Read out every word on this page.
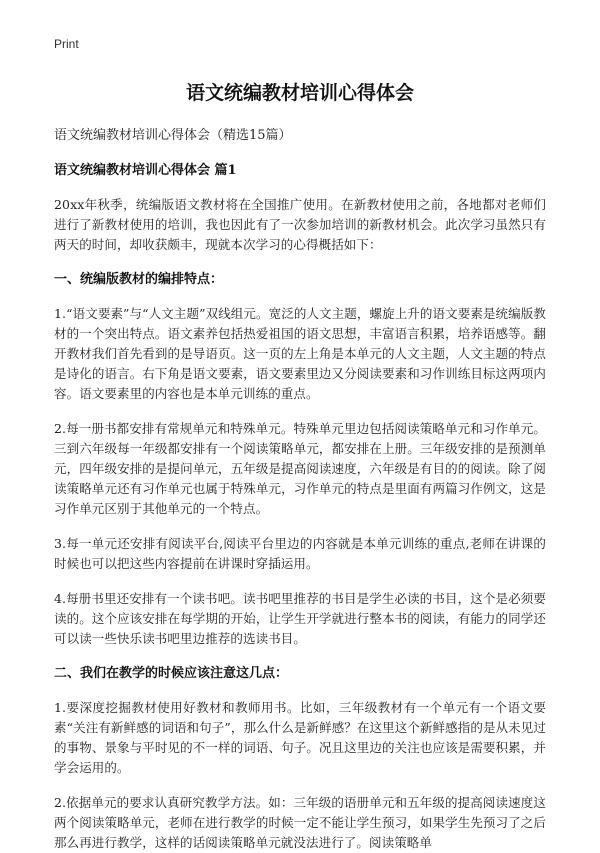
Print
语文统编教材培训心得体会
语文统编教材培训心得体会（精选15篇）
语文统编教材培训心得体会 篇1
20xx年秋季，统编版语文教材将在全国推广使用。在新教材使用之前，各地都对老师们进行了新教材使用的培训，我也因此有了一次参加培训的新教材机会。此次学习虽然只有两天的时间，却收获颇丰，现就本次学习的心得概括如下：
一、统编版教材的编排特点：
1.“语文要素”与“人文主题”双线组元。宽泛的人文主题，螺旋上升的语文要素是统编版教材的一个突出特点。语文素养包括热爱祖国的语文思想，丰富语言积累，培养语感等。翻开教材我们首先看到的是导语页。这一页的左上角是本单元的人文主题，人文主题的特点是诗化的语言。右下角是语文要素，语文要素里边又分阅读要素和习作训练目标这两项内容。语文要素里的内容也是本单元训练的重点。
2.每一册书都安排有常规单元和特殊单元。特殊单元里边包括阅读策略单元和习作单元。三到六年级每一年级都安排有一个阅读策略单元，都安排在上册。三年级安排的是预测单元，四年级安排的是提问单元，五年级是提高阅读速度，六年级是有目的的阅读。除了阅读策略单元还有习作单元也属于特殊单元，习作单元的特点是里面有两篇习作例文，这是习作单元区别于其他单元的一个特点。
3.每一单元还安排有阅读平台,阅读平台里边的内容就是本单元训练的重点,老师在讲课的时候也可以把这些内容提前在讲课时穿插运用。
4.每册书里还安排有一个读书吧。读书吧里推荐的书目是学生必读的书目，这个是必须要读的。这个应该安排在每学期的开始，让学生开学就进行整本书的阅读，有能力的同学还可以读一些快乐读书吧里边推荐的选读书目。
二、我们在教学的时候应该注意这几点：
1.要深度挖掘教材使用好教材和教师用书。比如，三年级教材有一个单元有一个语文要素“关注有新鲜感的词语和句子”，那么什么是新鲜感？在这里这个新鲜感指的是从未见过的事物、景象与平时见的不一样的词语、句子。况且这里边的关注也应该是需要积累，并学会运用的。
2.依据单元的要求认真研究教学方法。如：三年级的语册单元和五年级的提高阅读速度这两个阅读策略单元，老师在进行教学的时候一定不能让学生预习，如果学生先预习了之后那么再进行教学，这样的话阅读策略单元就没法进行了。阅读策略单
